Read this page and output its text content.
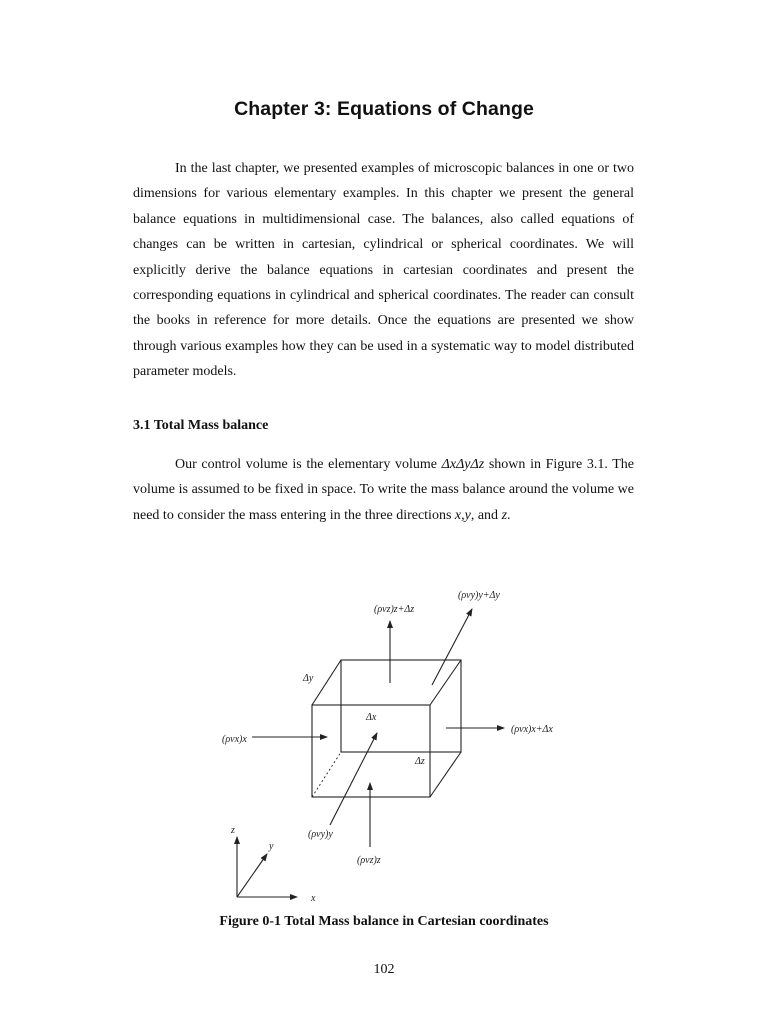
Chapter 3: Equations of Change

In the last chapter, we presented examples of microscopic balances in one or two dimensions for various elementary examples. In this chapter we present the general balance equations in multidimensional case. The balances, also called equations of changes can be written in cartesian, cylindrical or spherical coordinates. We will explicitly derive the balance equations in cartesian coordinates and present the corresponding equations in cylindrical and spherical coordinates. The reader can consult the books in reference for more details. Once the equations are presented we show through various examples how they can be used in a systematic way to model distributed parameter models.

3.1 Total Mass balance

Our control volume is the elementary volume ΔxΔyΔz shown in Figure 3.1. The volume is assumed to be fixed in space. To write the mass balance around the volume we need to consider the mass entering in the three directions x,y, and z.

(ρvz)z+Δz
(ρvy)y+Δy
Δy
Δx
Δz
(ρvx)x
(ρvx)x+Δx
(ρvy)y
(ρvz)z
z
y
x
Figure 0-1 Total Mass balance in Cartesian coordinates
102
